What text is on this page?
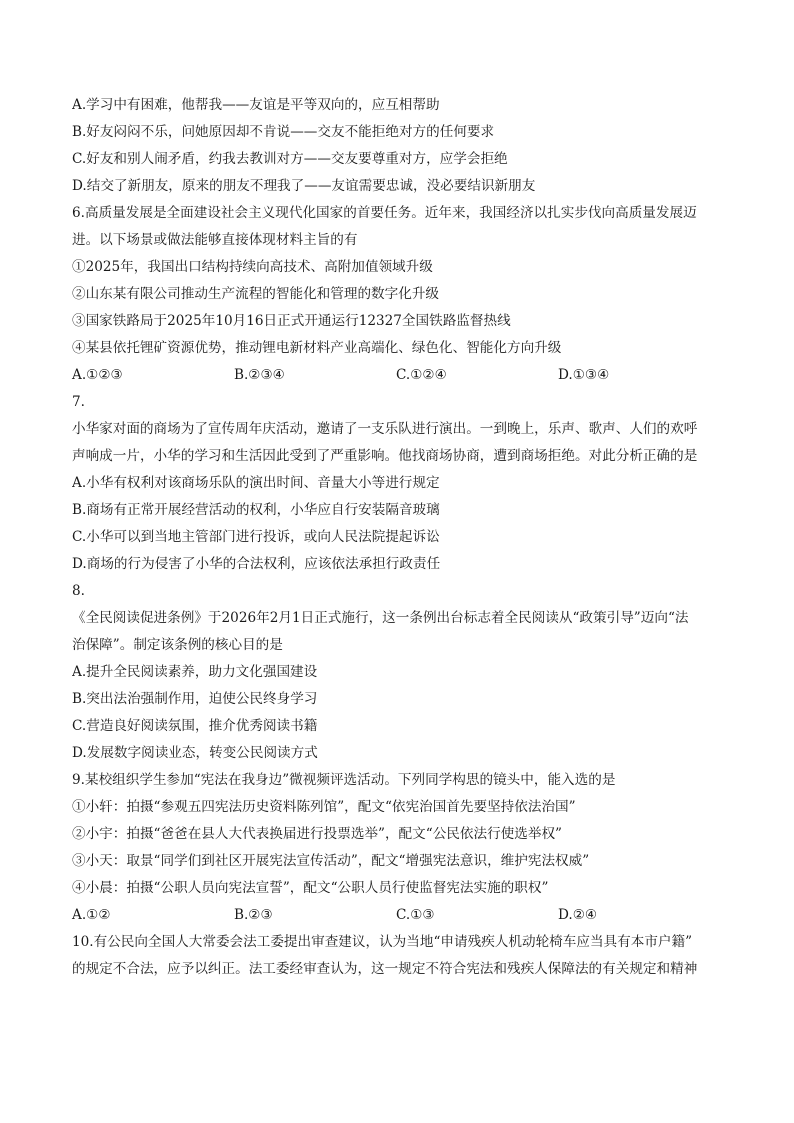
A.学习中有困难，他帮我——友谊是平等双向的，应互相帮助
B.好友闷闷不乐，问她原因却不肯说——交友不能拒绝对方的任何要求
C.好友和别人闹矛盾，约我去教训对方——交友要尊重对方，应学会拒绝
D.结交了新朋友，原来的朋友不理我了——友谊需要忠诚，没必要结识新朋友
6.高质量发展是全面建设社会主义现代化国家的首要任务。近年来，我国经济以扎实步伐向高质量发展迈
进。以下场景或做法能够直接体现材料主旨的有
①2025年，我国出口结构持续向高技术、高附加值领域升级
②山东某有限公司推动生产流程的智能化和管理的数字化升级
③国家铁路局于2025年10月16日正式开通运行12327全国铁路监督热线
④某县依托锂矿资源优势，推动锂电新材料产业高端化、绿色化、智能化方向升级
A.①②③	B.②③④	C.①②④	D.①③④
7.
小华家对面的商场为了宣传周年庆活动，邀请了一支乐队进行演出。一到晚上，乐声、歌声、人们的欢呼
声响成一片，小华的学习和生活因此受到了严重影响。他找商场协商，遭到商场拒绝。对此分析正确的是
A.小华有权利对该商场乐队的演出时间、音量大小等进行规定
B.商场有正常开展经营活动的权利，小华应自行安装隔音玻璃
C.小华可以到当地主管部门进行投诉，或向人民法院提起诉讼
D.商场的行为侵害了小华的合法权利，应该依法承担行政责任
8.
《全民阅读促进条例》于2026年2月1日正式施行，这一条例出台标志着全民阅读从“政策引导”迈向“法
治保障”。制定该条例的核心目的是
A.提升全民阅读素养，助力文化强国建设
B.突出法治强制作用，迫使公民终身学习
C.营造良好阅读氛围，推介优秀阅读书籍
D.发展数字阅读业态，转变公民阅读方式
9.某校组织学生参加“宪法在我身边”微视频评选活动。下列同学构思的镜头中，能入选的是
①小轩：拍摄“参观五四宪法历史资料陈列馆”，配文“依宪治国首先要坚持依法治国”
②小宇：拍摄“爸爸在县人大代表换届进行投票选举”，配文“公民依法行使选举权”
③小天：取景“同学们到社区开展宪法宣传活动”，配文“增强宪法意识，维护宪法权威”
④小晨：拍摄“公职人员向宪法宣誓”，配文“公职人员行使监督宪法实施的职权”
A.①②	B.②③	C.①③	D.②④
10.有公民向全国人大常委会法工委提出审查建议，认为当地“申请残疾人机动轮椅车应当具有本市户籍”
的规定不合法，应予以纠正。法工委经审查认为，这一规定不符合宪法和残疾人保障法的有关规定和精神
